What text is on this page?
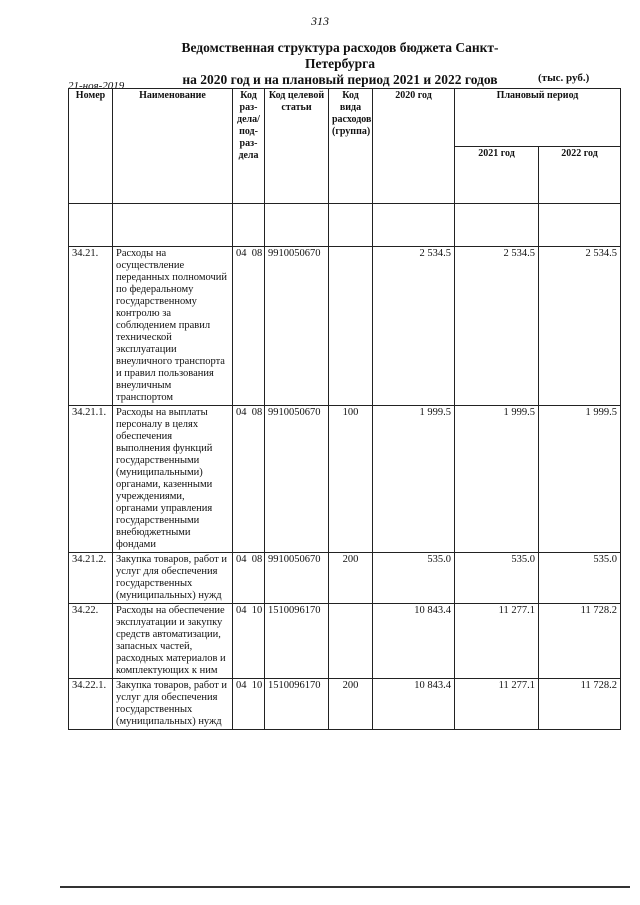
313
Ведомственная структура расходов бюджета Санкт-Петербурга
на 2020 год и на плановый период 2021 и 2022 годов
21-ноя-2019
(тыс. руб.)
Номер	Наименование	Код раз- дела/ под- раз- дела	Код целевой статьи	Код вида расходов (группа)	2020 год	Плановый период	
						2021 год	2022 год

34.21.	Расходы на осуществление переданных полномочий по федеральному государственному контролю за соблюдением правил технической эксплуатации внеуличного транспорта и правил пользования внеуличным транспортом	04 08	9910050670		2 534.5	2 534.5	2 534.5
34.21.1.	Расходы на выплаты персоналу в целях обеспечения выполнения функций государственными (муниципальными) органами, казенными учреждениями, органами управления государственными внебюджетными фондами	04 08	9910050670	100	1 999.5	1 999.5	1 999.5
34.21.2.	Закупка товаров, работ и услуг для обеспечения государственных (муниципальных) нужд	04 08	9910050670	200	535.0	535.0	535.0
34.22.	Расходы на обеспечение эксплуатации и закупку средств автоматизации, запасных частей, расходных материалов и комплектующих к ним	04 10	1510096170		10 843.4	11 277.1	11 728.2
34.22.1.	Закупка товаров, работ и услуг для обеспечения государственных (муниципальных) нужд	04 10	1510096170	200	10 843.4	11 277.1	11 728.2
